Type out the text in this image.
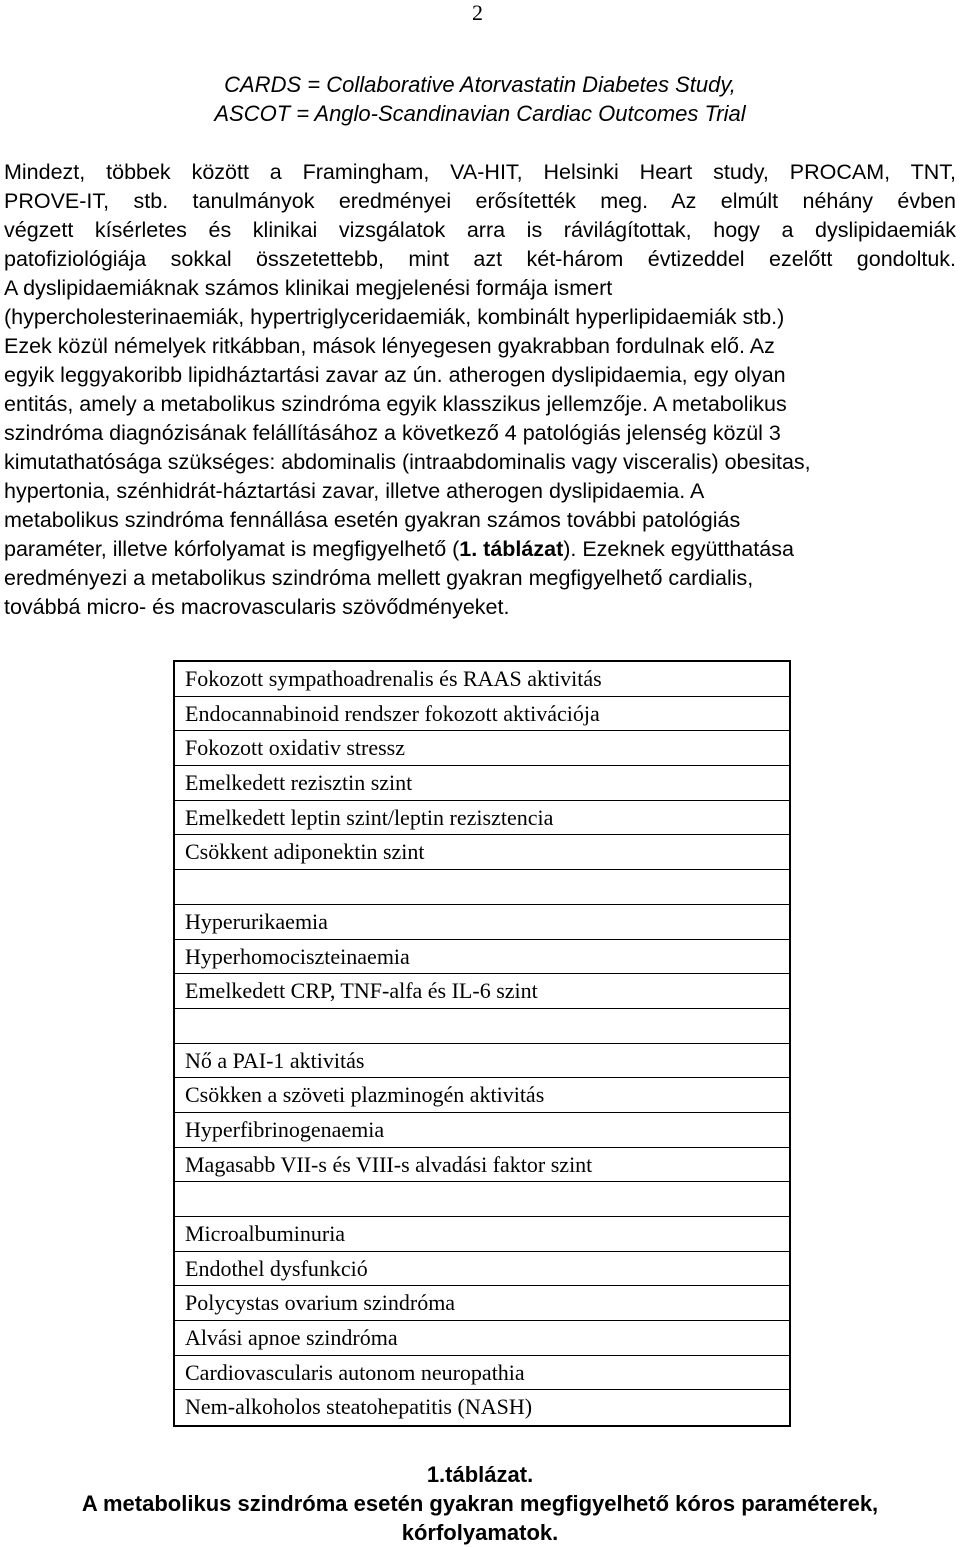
2
CARDS = Collaborative Atorvastatin Diabetes Study,
ASCOT = Anglo-Scandinavian Cardiac Outcomes Trial
Mindezt, többek között a Framingham, VA-HIT, Helsinki Heart study, PROCAM, TNT,
PROVE-IT, stb. tanulmányok eredményei erősítették meg. Az elmúlt néhány évben
végzett kísérletes és klinikai vizsgálatok arra is rávilágítottak, hogy a dyslipidaemiák
patofiziológiája sokkal összetettebb, mint azt két-három évtizeddel ezelőtt gondoltuk.
A dyslipidaemiáknak számos klinikai megjelenési formája ismert
(hypercholesterinaemiák, hypertriglyceridaemiák, kombinált hyperlipidaemiák stb.)
Ezek közül némelyek ritkábban, mások lényegesen gyakrabban fordulnak elő. Az
egyik leggyakoribb lipidháztartási zavar az ún. atherogen dyslipidaemia, egy olyan
entitás, amely a metabolikus szindróma egyik klasszikus jellemzője. A metabolikus
szindróma diagnózisának felállításához a következő 4 patológiás jelenség közül 3
kimutathatósága szükséges: abdominalis (intraabdominalis vagy visceralis) obesitas,
hypertonia, szénhidrát-háztartási zavar, illetve atherogen dyslipidaemia. A
metabolikus szindróma fennállása esetén gyakran számos további patológiás
paraméter, illetve kórfolyamat is megfigyelhető (1. táblázat). Ezeknek együtthatása
eredményezi a metabolikus szindróma mellett gyakran megfigyelhető cardialis,
továbbá micro- és macrovascularis szövődményeket.
Fokozott sympathoadrenalis és RAAS aktivitás
Endocannabinoid rendszer fokozott aktivációja
Fokozott oxidativ stressz
Emelkedett rezisztin szint
Emelkedett leptin szint/leptin rezisztencia
Csökkent adiponektin szint
Hyperurikaemia
Hyperhomociszteinaemia
Emelkedett CRP, TNF-alfa és IL-6 szint
Nő a PAI-1 aktivitás
Csökken a szöveti plazminogén aktivitás
Hyperfibrinogenaemia
Magasabb VII-s és VIII-s alvadási faktor szint
Microalbuminuria
Endothel dysfunkció
Polycystas ovarium szindróma
Alvási apnoe szindróma
Cardiovascularis autonom neuropathia
Nem-alkoholos steatohepatitis (NASH)
1.táblázat.
A metabolikus szindróma esetén gyakran megfigyelhető kóros paraméterek,
kórfolyamatok.
